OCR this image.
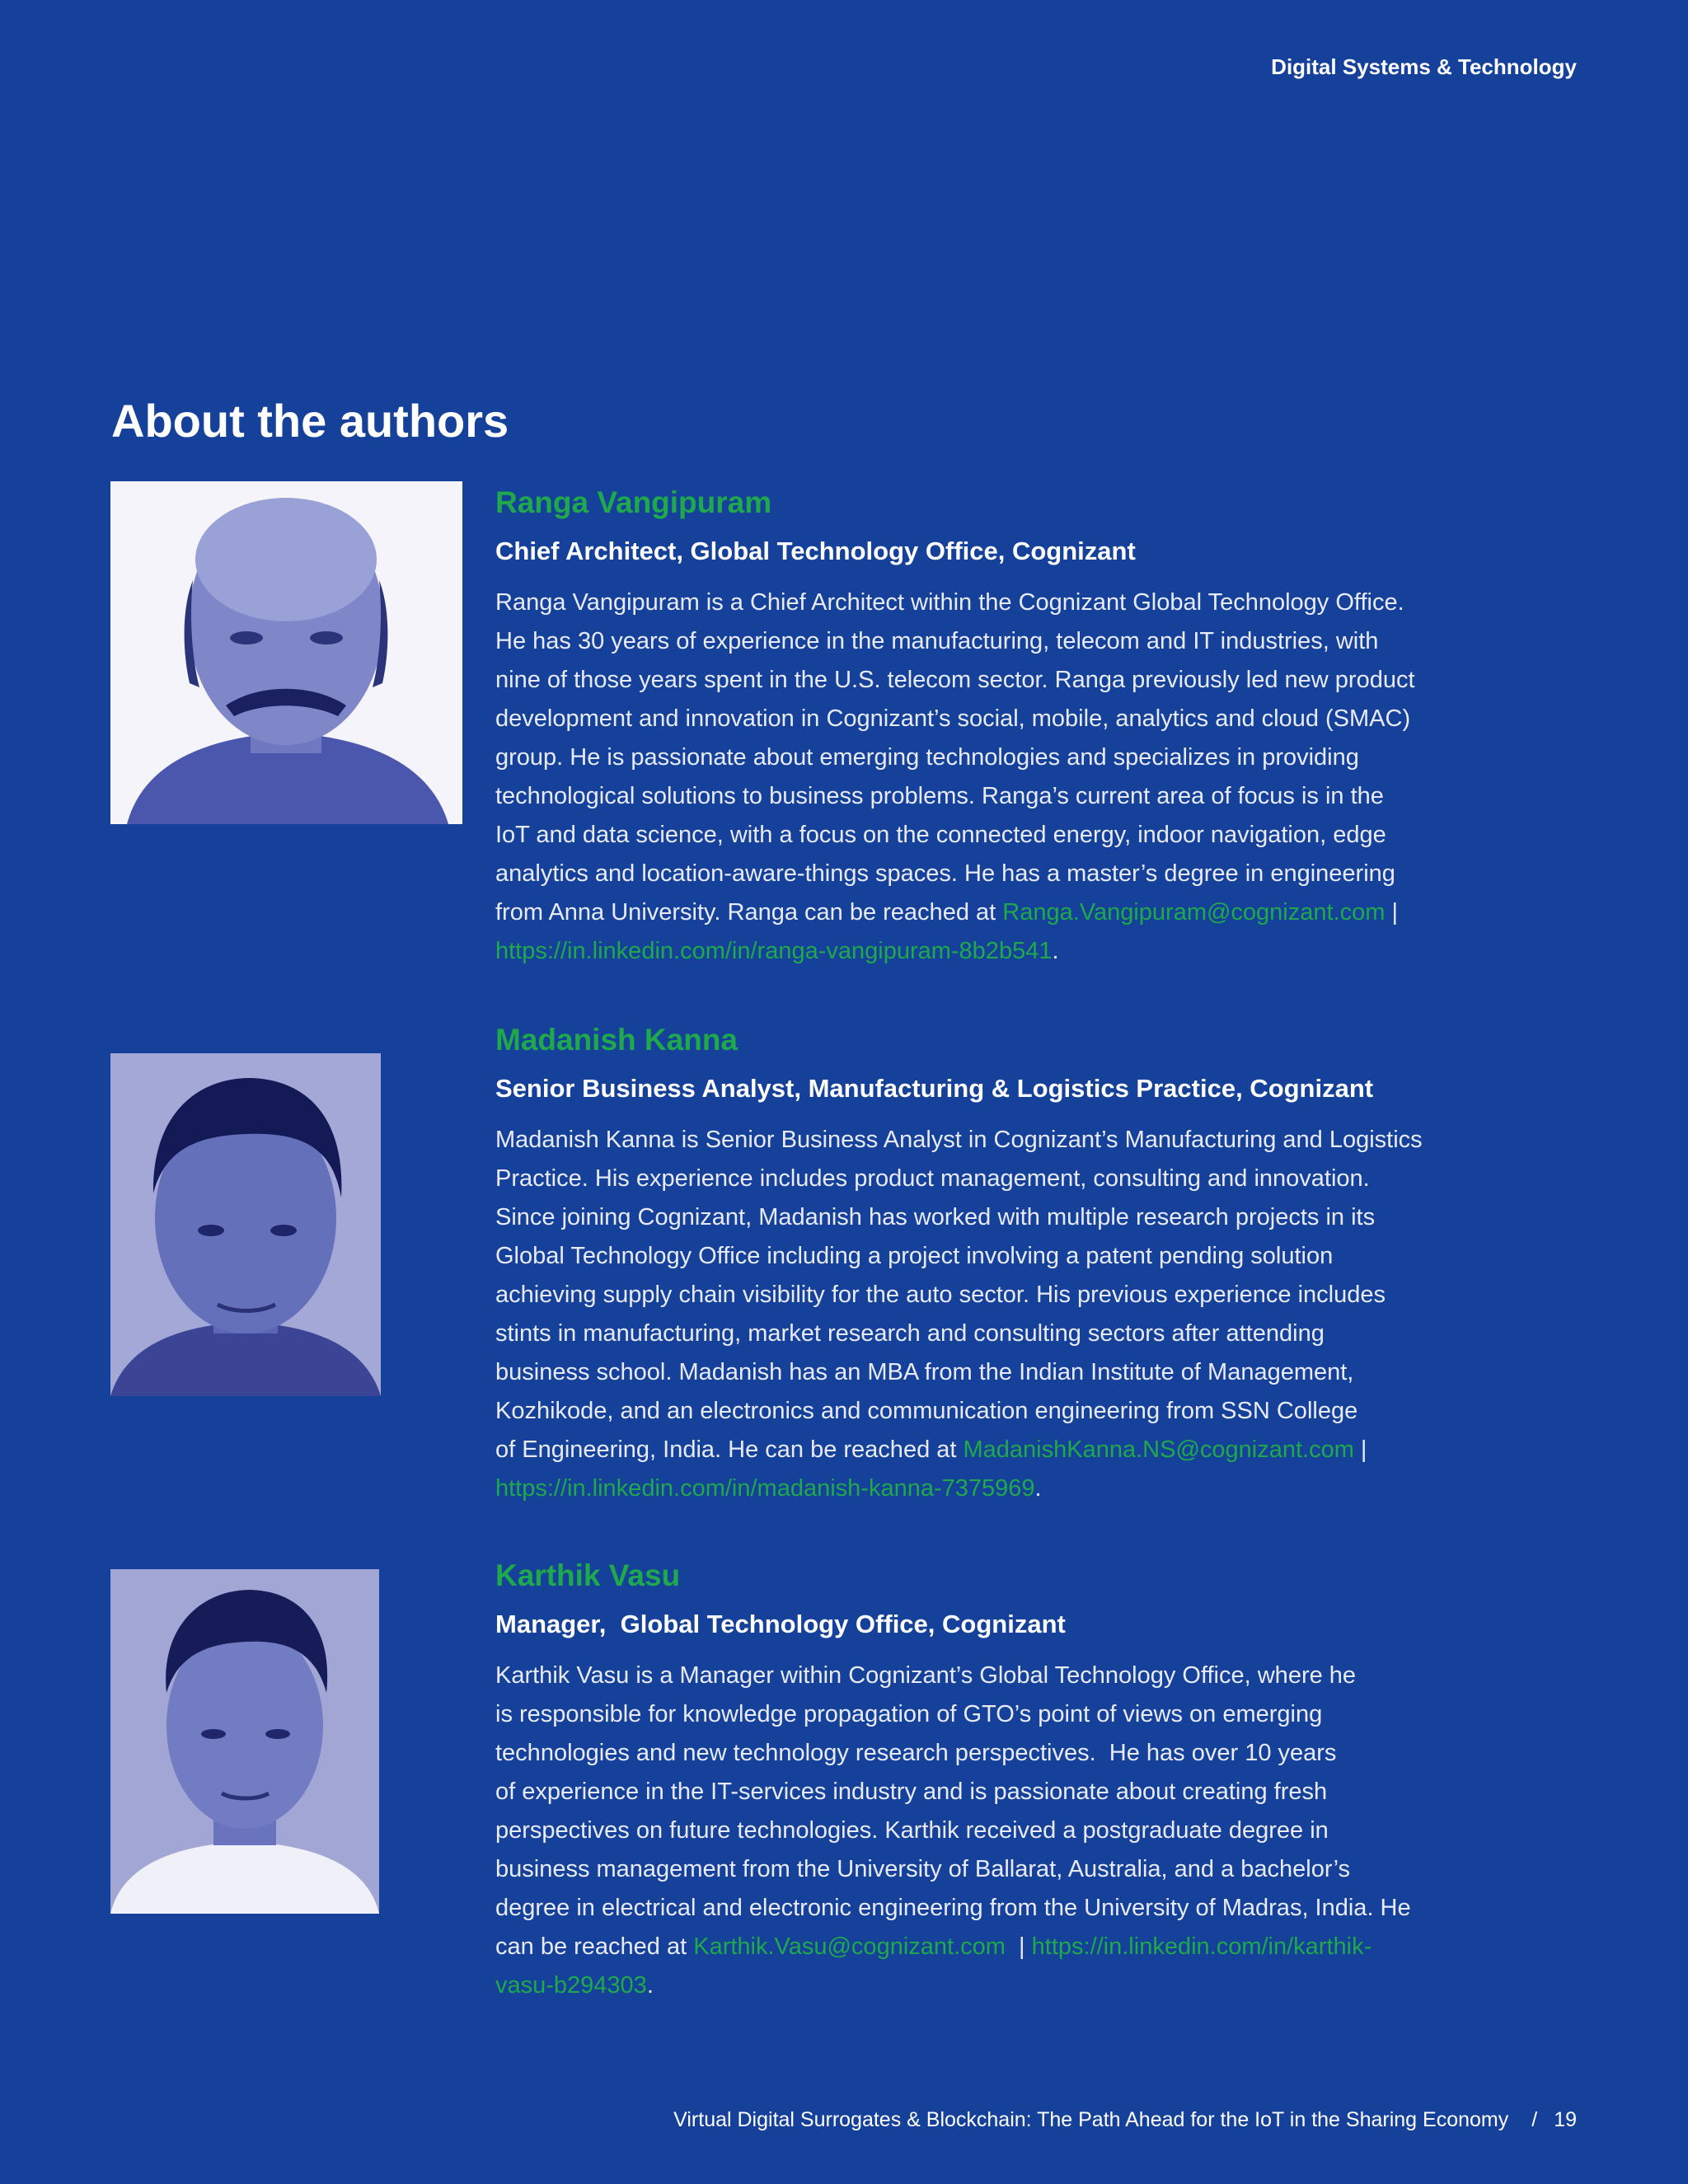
Digital Systems & Technology
About the authors
Ranga Vangipuram
Chief Architect, Global Technology Office, Cognizant

Ranga Vangipuram is a Chief Architect within the Cognizant Global Technology Office.
He has 30 years of experience in the manufacturing, telecom and IT industries, with
nine of those years spent in the U.S. telecom sector. Ranga previously led new product
development and innovation in Cognizant’s social, mobile, analytics and cloud (SMAC)
group. He is passionate about emerging technologies and specializes in providing
technological solutions to business problems. Ranga’s current area of focus is in the
IoT and data science, with a focus on the connected energy, indoor navigation, edge
analytics and location-aware-things spaces. He has a master’s degree in engineering
from Anna University. Ranga can be reached at Ranga.Vangipuram@cognizant.com |
https://in.linkedin.com/in/ranga-vangipuram-8b2b541.

Madanish Kanna
Senior Business Analyst, Manufacturing & Logistics Practice, Cognizant

Madanish Kanna is Senior Business Analyst in Cognizant’s Manufacturing and Logistics
Practice. His experience includes product management, consulting and innovation.
Since joining Cognizant, Madanish has worked with multiple research projects in its
Global Technology Office including a project involving a patent pending solution
achieving supply chain visibility for the auto sector. His previous experience includes
stints in manufacturing, market research and consulting sectors after attending
business school. Madanish has an MBA from the Indian Institute of Management,
Kozhikode, and an electronics and communication engineering from SSN College
of Engineering, India. He can be reached at MadanishKanna.NS@cognizant.com |
https://in.linkedin.com/in/madanish-kanna-7375969.

Karthik Vasu
Manager,  Global Technology Office, Cognizant

Karthik Vasu is a Manager within Cognizant’s Global Technology Office, where he
is responsible for knowledge propagation of GTO’s point of views on emerging
technologies and new technology research perspectives.  He has over 10 years
of experience in the IT-services industry and is passionate about creating fresh
perspectives on future technologies. Karthik received a postgraduate degree in
business management from the University of Ballarat, Australia, and a bachelor’s
degree in electrical and electronic engineering from the University of Madras, India. He
can be reached at Karthik.Vasu@cognizant.com  | https://in.linkedin.com/in/karthik-
vasu-b294303.

Virtual Digital Surrogates & Blockchain: The Path Ahead for the IoT in the Sharing Economy / 19
